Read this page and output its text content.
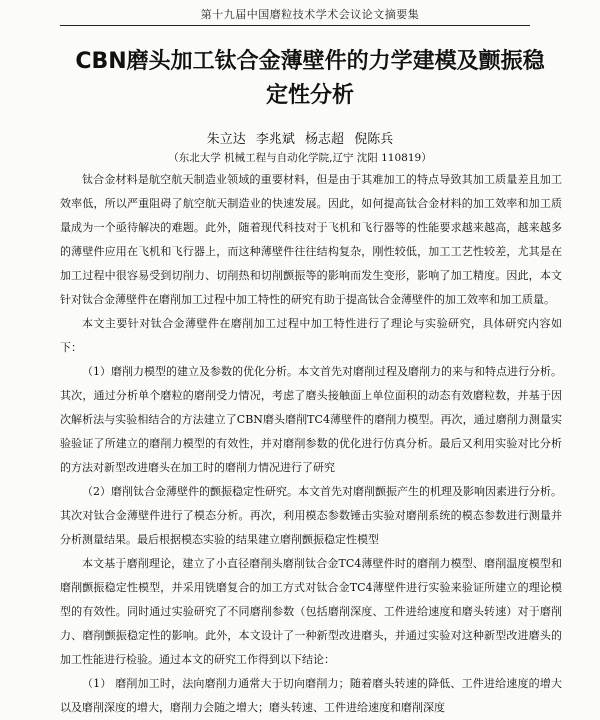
第十九届中国磨粒技术学术会议论文摘要集
CBN磨头加工钛合金薄壁件的力学建模及颤振稳
定性分析
朱立达 李兆斌 杨志超 倪陈兵
（东北大学 机械工程与自动化学院,辽宁 沈阳 110819）

钛合金材料是航空航天制造业领域的重要材料，但是由于其难加工的特点导致其加工质量差且加工效率低，所以严重阻碍了航空航天制造业的快速发展。因此，如何提高钛合金材料的加工效率和加工质量成为一个亟待解决的难题。此外，随着现代科技对于飞机和飞行器等的性能要求越来越高，越来越多的薄壁件应用在飞机和飞行器上，而这种薄壁件往往结构复杂，刚性较低，加工工艺性较差，尤其是在加工过程中很容易受到切削力、切削热和切削颤振等的影响而发生变形，影响了加工精度。因此，本文针对钛合金薄壁件在磨削加工过程中加工特性的研究有助于提高钛合金薄壁件的加工效率和加工质量。

本文主要针对钛合金薄壁件在磨削加工过程中加工特性进行了理论与实验研究，具体研究内容如下：

（1）磨削力模型的建立及参数的优化分析。本文首先对磨削过程及磨削力的来与和特点进行分析。其次，通过分析单个磨粒的磨削受力情况，考虑了磨头接触面上单位面积的动态有效磨粒数，并基于因次解析法与实验相结合的方法建立了CBN磨头磨削TC4薄壁件的磨削力模型。再次，通过磨削力测量实验验证了所建立的磨削力模型的有效性，并对磨削参数的优化进行仿真分析。最后又利用实验对比分析的方法对新型改进磨头在加工时的磨削力情况进行了研究

（2）磨削钛合金薄壁件的颤振稳定性研究。本文首先对磨削颤振产生的机理及影响因素进行分析。其次对钛合金薄壁件进行了模态分析。再次，利用模态参数锤击实验对磨削系统的模态参数进行测量并分析测量结果。最后根据模态实验的结果建立磨削颤振稳定性模型

本文基于磨削理论，建立了小直径磨削头磨削钛合金TC4薄壁件时的磨削力模型、磨削温度模型和磨削颤振稳定性模型，并采用铣磨复合的加工方式对钛合金TC4薄壁件进行实验来验证所建立的理论模型的有效性。同时通过实验研究了不同磨削参数（包括磨削深度、工件进给速度和磨头转速）对于磨削力、磨削颤振稳定性的影响。此外，本文设计了一种新型改进磨头，并通过实验对这种新型改进磨头的加工性能进行检验。通过本文的研究工作得到以下结论：

（1） 磨削加工时，法向磨削力通常大于切向磨削力；随着磨头转速的降低、工件进给速度的增大以及磨削深度的增大，磨削力会随之增大；磨头转速、工件进给速度和磨削深度
